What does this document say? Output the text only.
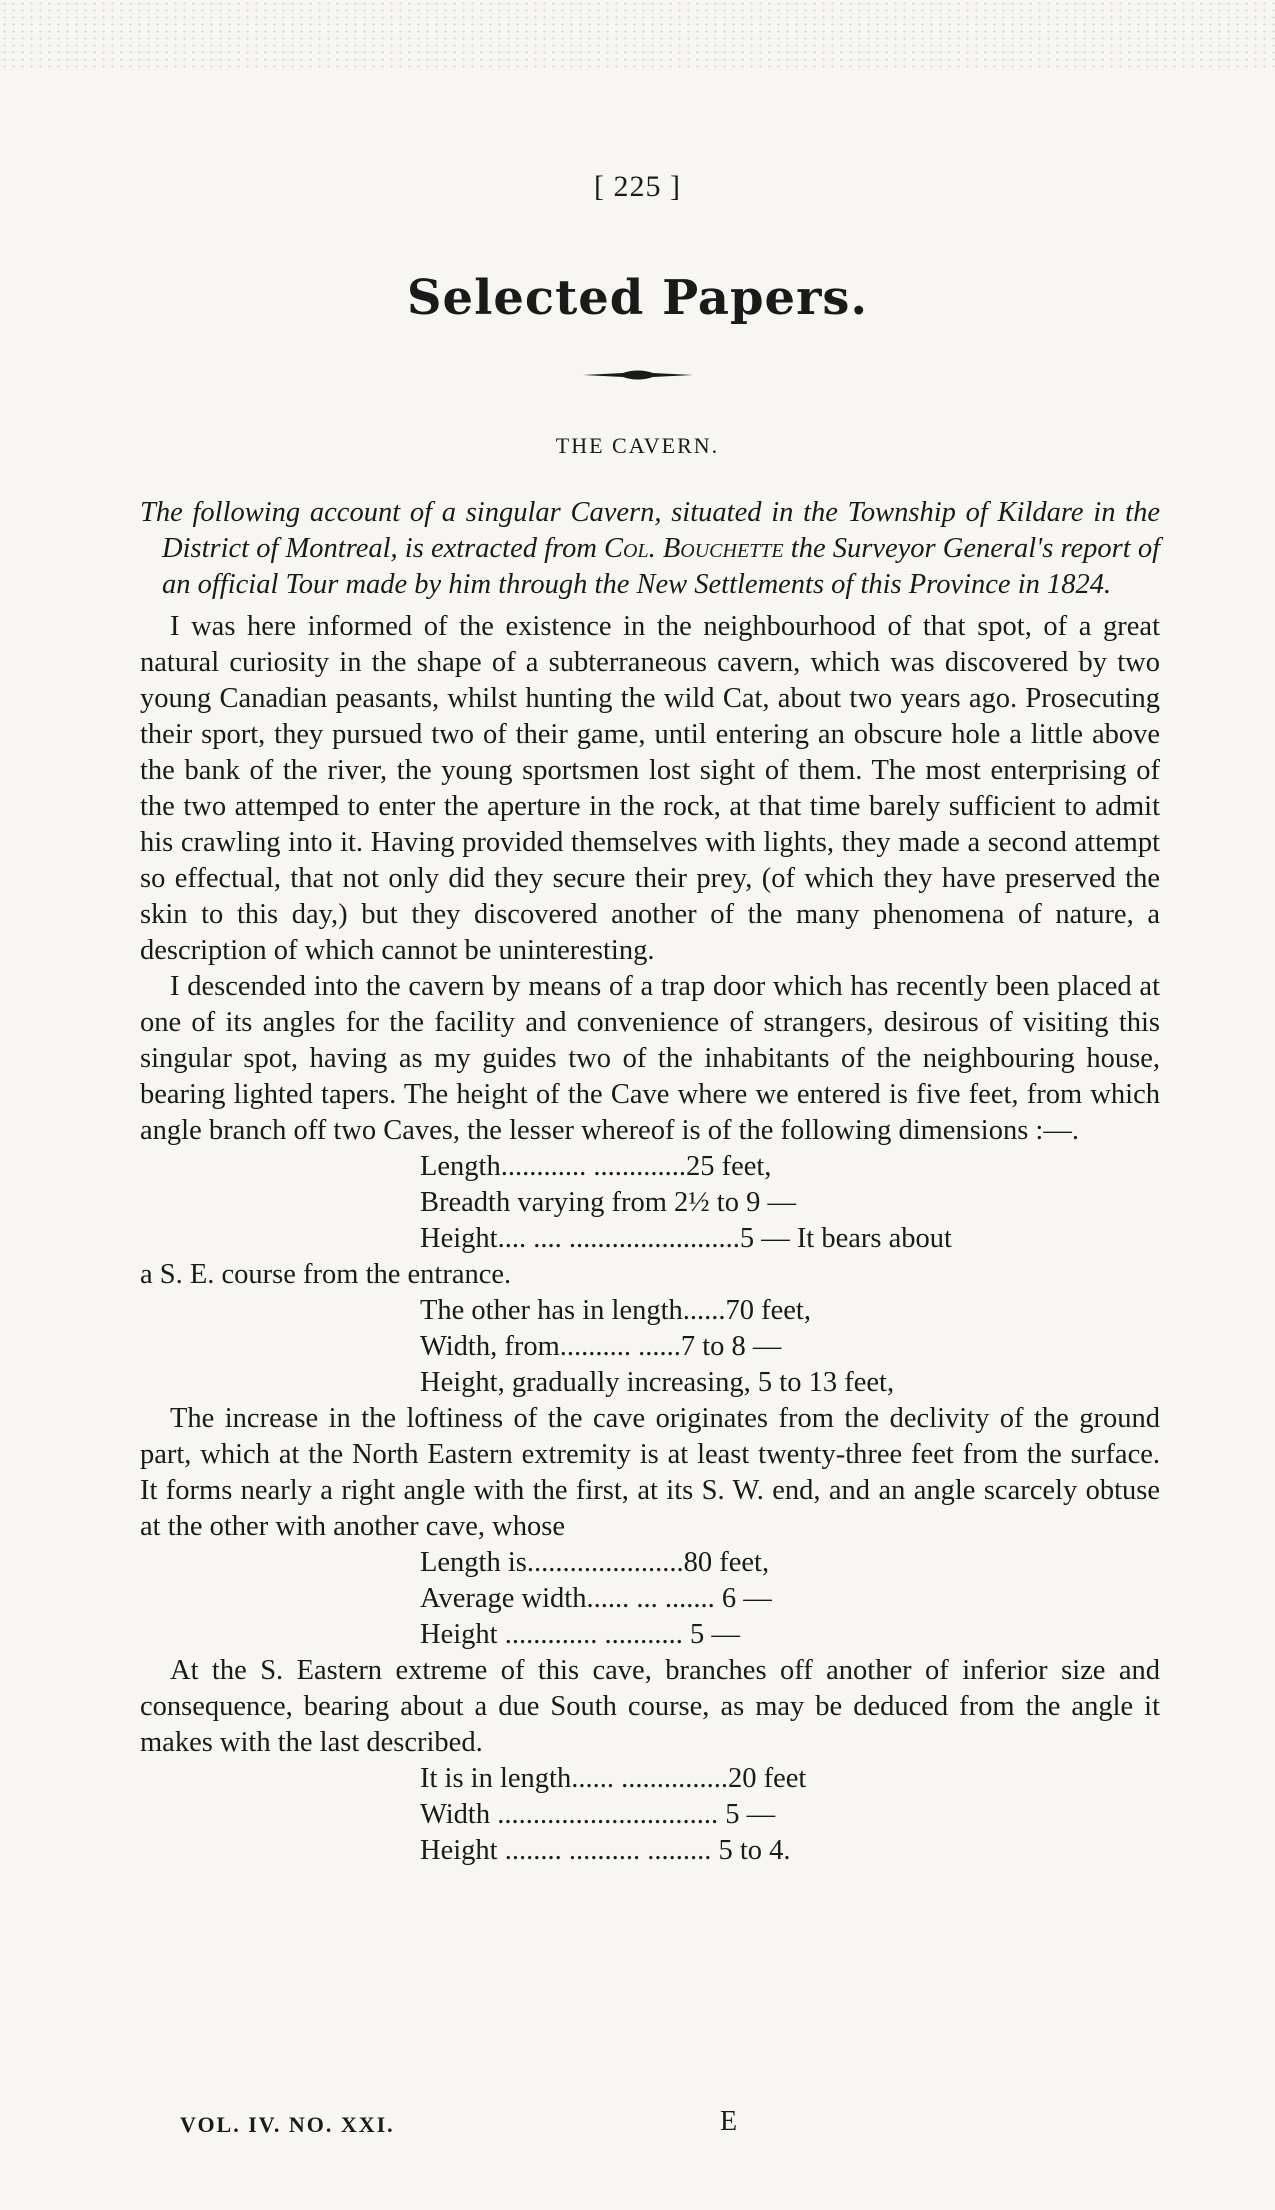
[ 225 ]
Selected Papers.
THE CAVERN.

The following account of a singular Cavern, situated in the Township of Kildare in the District of Montreal, is extracted from Col. Bouchette the Surveyor General's report of an official Tour made by him through the New Settlements of this Province in 1824.

I was here informed of the existence in the neighbourhood of that spot, of a great natural curiosity in the shape of a subterraneous cavern, which was discovered by two young Canadian peasants, whilst hunting the wild Cat, about two years ago. Prosecuting their sport, they pursued two of their game, until entering an obscure hole a little above the bank of the river, the young sportsmen lost sight of them. The most enterprising of the two attemped to enter the aperture in the rock, at that time barely sufficient to admit his crawling into it. Having provided themselves with lights, they made a second attempt so effectual, that not only did they secure their prey, (of which they have preserved the skin to this day,) but they discovered another of the many phenomena of nature, a description of which cannot be uninteresting.

I descended into the cavern by means of a trap door which has recently been placed at one of its angles for the facility and convenience of strangers, desirous of visiting this singular spot, having as my guides two of the inhabitants of the neighbouring house, bearing lighted tapers. The height of the Cave where we entered is five feet, from which angle branch off two Caves, the lesser whereof is of the following dimensions :—.

Length............ .............25 feet,
Breadth varying from 2½ to 9 —
Height.... .... ........................5 — It bears about

a S. E. course from the entrance.

The other has in length......70 feet,
Width, from.......... ......7 to 8 —
Height, gradually increasing, 5 to 13 feet,

The increase in the loftiness of the cave originates from the declivity of the ground part, which at the North Eastern extremity is at least twenty-three feet from the surface. It forms nearly a right angle with the first, at its S. W. end, and an angle scarcely obtuse at the other with another cave, whose

Length is......................80 feet,
Average width...... ... ....... 6 —
Height ............. ........... 5 —

At the S. Eastern extreme of this cave, branches off another of inferior size and consequence, bearing about a due South course, as may be deduced from the angle it makes with the last described.

It is in length...... ...............20 feet
Width ............................... 5 —
Height ........ .......... ......... 5 to 4.
VOL. IV. NO. XXI.	E
